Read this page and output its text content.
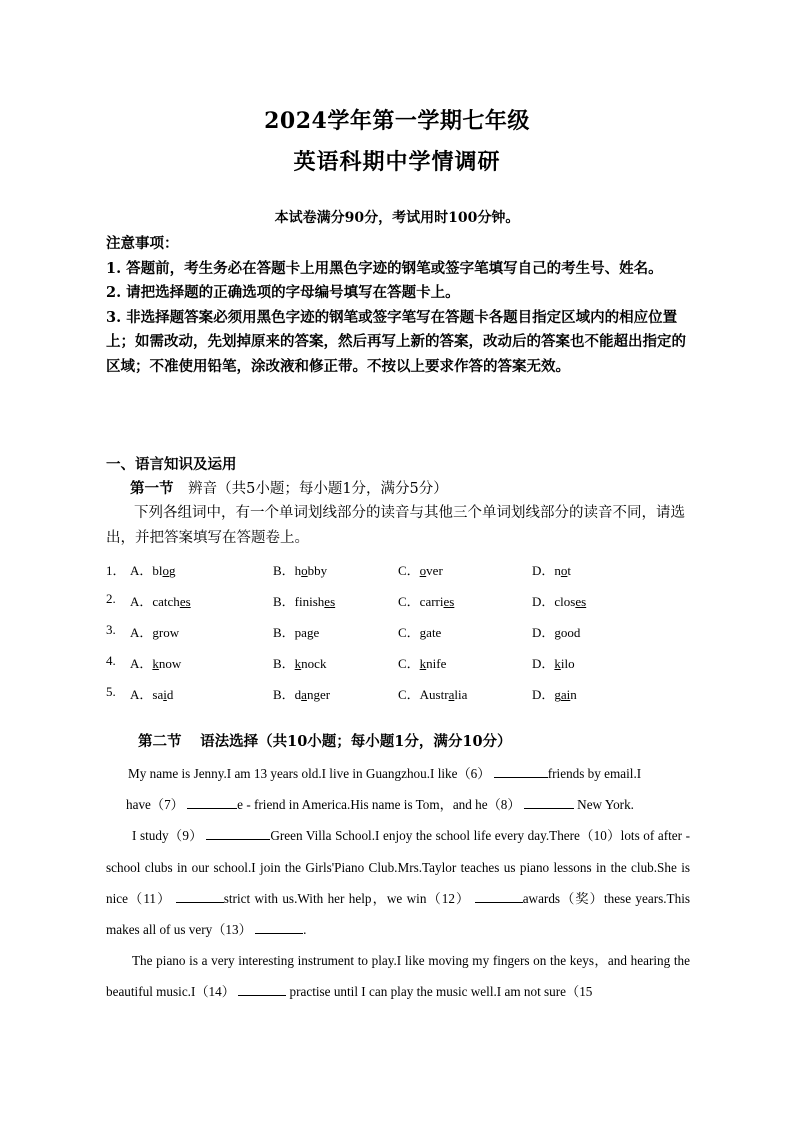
2024学年第一学期七年级
英语科期中学情调研
本试卷满分90分，考试用时100分钟。

注意事项：

1. 答题前，考生务必在答题卡上用黑色字迹的钢笔或签字笔填写自己的考生号、姓名。

2. 请把选择题的正确选项的字母编号填写在答题卡上。

3. 非选择题答案必须用黑色字迹的钢笔或签字笔写在答题卡各题目指定区域内的相应位置上；如需改动，先划掉原来的答案，然后再写上新的答案，改动后的答案也不能超出指定的区域；不准使用铅笔，涂改液和修正带。不按以上要求作答的答案无效。

一、语言知识及运用
第一节 辨音（共5小题；每小题1分，满分5分）
下列各组词中，有一个单词划线部分的读音与其他三个单词划线部分的读音不同，请选出，并把答案填写在答题卷上。
1． A．blog	B．hobby	C．over	D．not
2. A．catches	B．finishes	C．carries	D．closes
3. A．grow	B．page	C．gate	D．good
4. A．know	B．knock	C．knife	D．kilo
5. A．said	B．danger	C．Australia	D．gain
第二节 语法选择（共10小题；每小题1分，满分10分）

My name is Jenny.I am 13 years old.I live in Guangzhou.I like（6）	friends by email.I

have（7）	e - friend in America.His name is Tom，and he（8）	New York.

I study（9）	Green Villa School.I enjoy the school life every day.There（10）lots of after - school clubs in our school.I join the Girls'Piano Club.Mrs.Taylor teaches us piano lessons in the club.She is nice（11）	strict with us.With her help，we win（12）	awards（奖）these years.This makes all of us very（13）	.

The piano is a very interesting instrument to play.I like moving my fingers on the keys，and hearing the beautiful music.I（14）	practise until I can play the music well.I am not sure（15
